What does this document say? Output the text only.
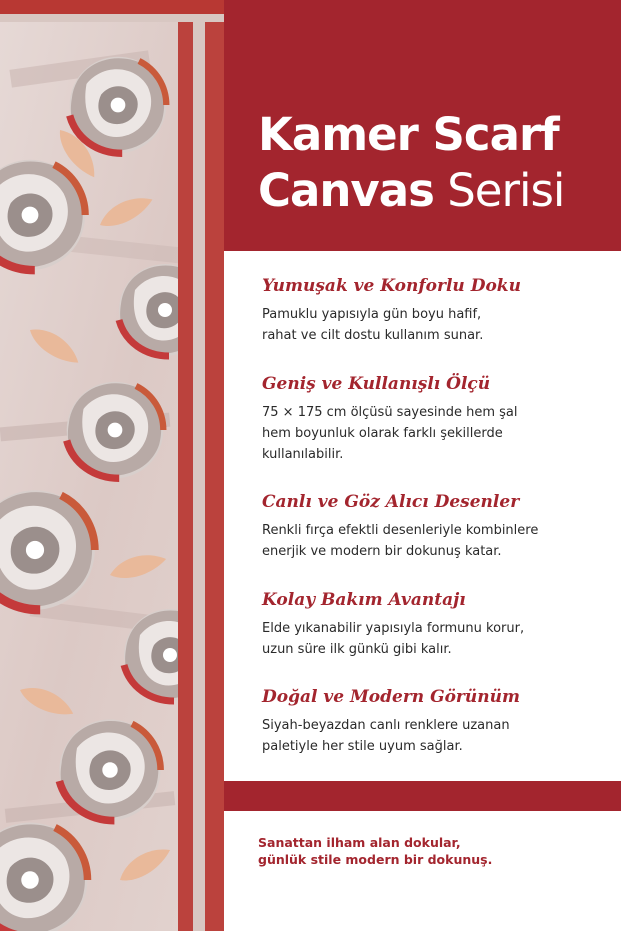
Kamer Scarf
Canvas Serisi

Yumuşak ve Konforlu Doku

Pamuklu yapısıyla gün boyu hafif,
rahat ve cilt dostu kullanım sunar.

Geniş ve Kullanışlı Ölçü

75 × 175 cm ölçüsü sayesinde hem şal
hem boyunluk olarak farklı şekillerde
kullanılabilir.

Canlı ve Göz Alıcı Desenler

Renkli fırça efektli desenleriyle kombinlere
enerjik ve modern bir dokunuş katar.

Kolay Bakım Avantajı

Elde yıkanabilir yapısıyla formunu korur,
uzun süre ilk günkü gibi kalır.

Doğal ve Modern Görünüm

Siyah-beyazdan canlı renklere uzanan
paletiyle her stile uyum sağlar.

Sanattan ilham alan dokular,
günlük stile modern bir dokunuş.
